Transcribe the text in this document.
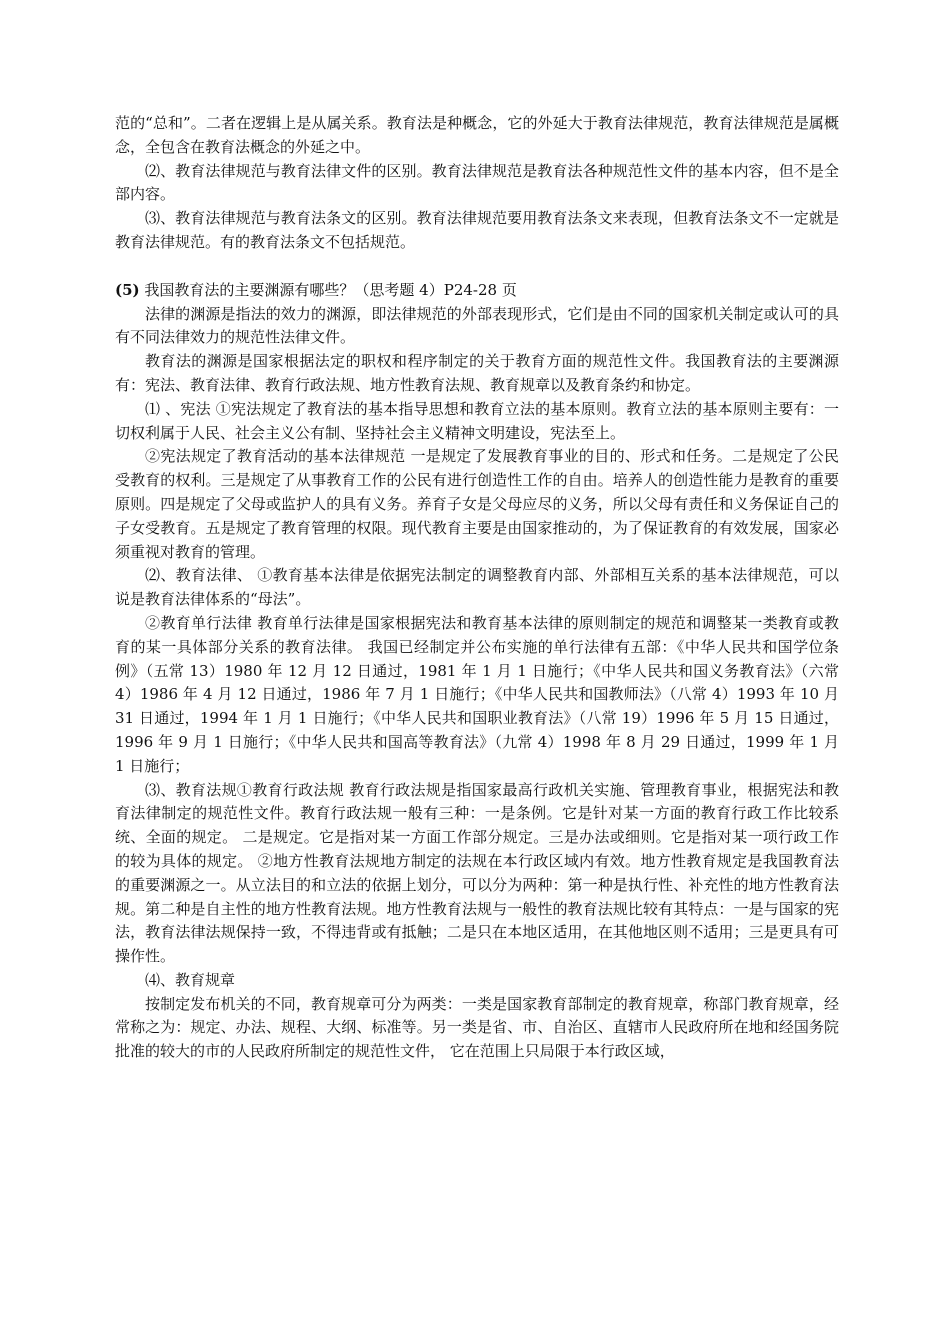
范的“总和”。二者在逻辑上是从属关系。教育法是种概念，它的外延大于教育法律规范，教育法律规范是属概念，全包含在教育法概念的外延之中。

⑵、教育法律规范与教育法律文件的区别。教育法律规范是教育法各种规范性文件的基本内容，但不是全部内容。

⑶、教育法律规范与教育法条文的区别。教育法律规范要用教育法条文来表现，但教育法条文不一定就是教育法律规范。有的教育法条文不包括规范。

(5) 我国教育法的主要渊源有哪些？（思考题 4）P24-28 页

法律的渊源是指法的效力的渊源，即法律规范的外部表现形式，它们是由不同的国家机关制定或认可的具有不同法律效力的规范性法律文件。

教育法的渊源是国家根据法定的职权和程序制定的关于教育方面的规范性文件。我国教育法的主要渊源有：宪法、教育法律、教育行政法规、地方性教育法规、教育规章以及教育条约和协定。

⑴ 、宪法 ①宪法规定了教育法的基本指导思想和教育立法的基本原则。教育立法的基本原则主要有：一切权利属于人民、社会主义公有制、坚持社会主义精神文明建设，宪法至上。

②宪法规定了教育活动的基本法律规范 一是规定了发展教育事业的目的、形式和任务。二是规定了公民受教育的权利。三是规定了从事教育工作的公民有进行创造性工作的自由。培养人的创造性能力是教育的重要原则。四是规定了父母或监护人的具有义务。养育子女是父母应尽的义务，所以父母有责任和义务保证自己的子女受教育。五是规定了教育管理的权限。现代教育主要是由国家推动的，为了保证教育的有效发展，国家必须重视对教育的管理。

⑵、教育法律、 ①教育基本法律是依据宪法制定的调整教育内部、外部相互关系的基本法律规范，可以说是教育法律体系的“母法”。

②教育单行法律 教育单行法律是国家根据宪法和教育基本法律的原则制定的规范和调整某一类教育或教育的某一具体部分关系的教育法律。 我国已经制定并公布实施的单行法律有五部：《中华人民共和国学位条例》（五常 13）1980 年 12 月 12 日通过，1981 年 1 月 1 日施行；《中华人民共和国义务教育法》（六常 4）1986 年 4 月 12 日通过，1986 年 7 月 1 日施行；《中华人民共和国教师法》（八常 4）1993 年 10 月 31 日通过，1994 年 1 月 1 日施行；《中华人民共和国职业教育法》（八常 19）1996 年 5 月 15 日通过，1996 年 9 月 1 日施行；《中华人民共和国高等教育法》（九常 4）1998 年 8 月 29 日通过，1999 年 1 月 1 日施行；

⑶、教育法规①教育行政法规 教育行政法规是指国家最高行政机关实施、管理教育事业，根据宪法和教育法律制定的规范性文件。教育行政法规一般有三种：一是条例。它是针对某一方面的教育行政工作比较系统、全面的规定。 二是规定。它是指对某一方面工作部分规定。三是办法或细则。它是指对某一项行政工作的较为具体的规定。 ②地方性教育法规地方制定的法规在本行政区域内有效。地方性教育规定是我国教育法的重要渊源之一。从立法目的和立法的依据上划分，可以分为两种：第一种是执行性、补充性的地方性教育法规。第二种是自主性的地方性教育法规。地方性教育法规与一般性的教育法规比较有其特点：一是与国家的宪法，教育法律法规保持一致，不得违背或有抵触；二是只在本地区适用，在其他地区则不适用；三是更具有可操作性。

⑷、教育规章

按制定发布机关的不同，教育规章可分为两类：一类是国家教育部制定的教育规章，称部门教育规章，经常称之为：规定、办法、规程、大纲、标准等。另一类是省、市、自治区、直辖市人民政府所在地和经国务院批准的较大的市的人民政府所制定的规范性文件， 它在范围上只局限于本行政区域，
